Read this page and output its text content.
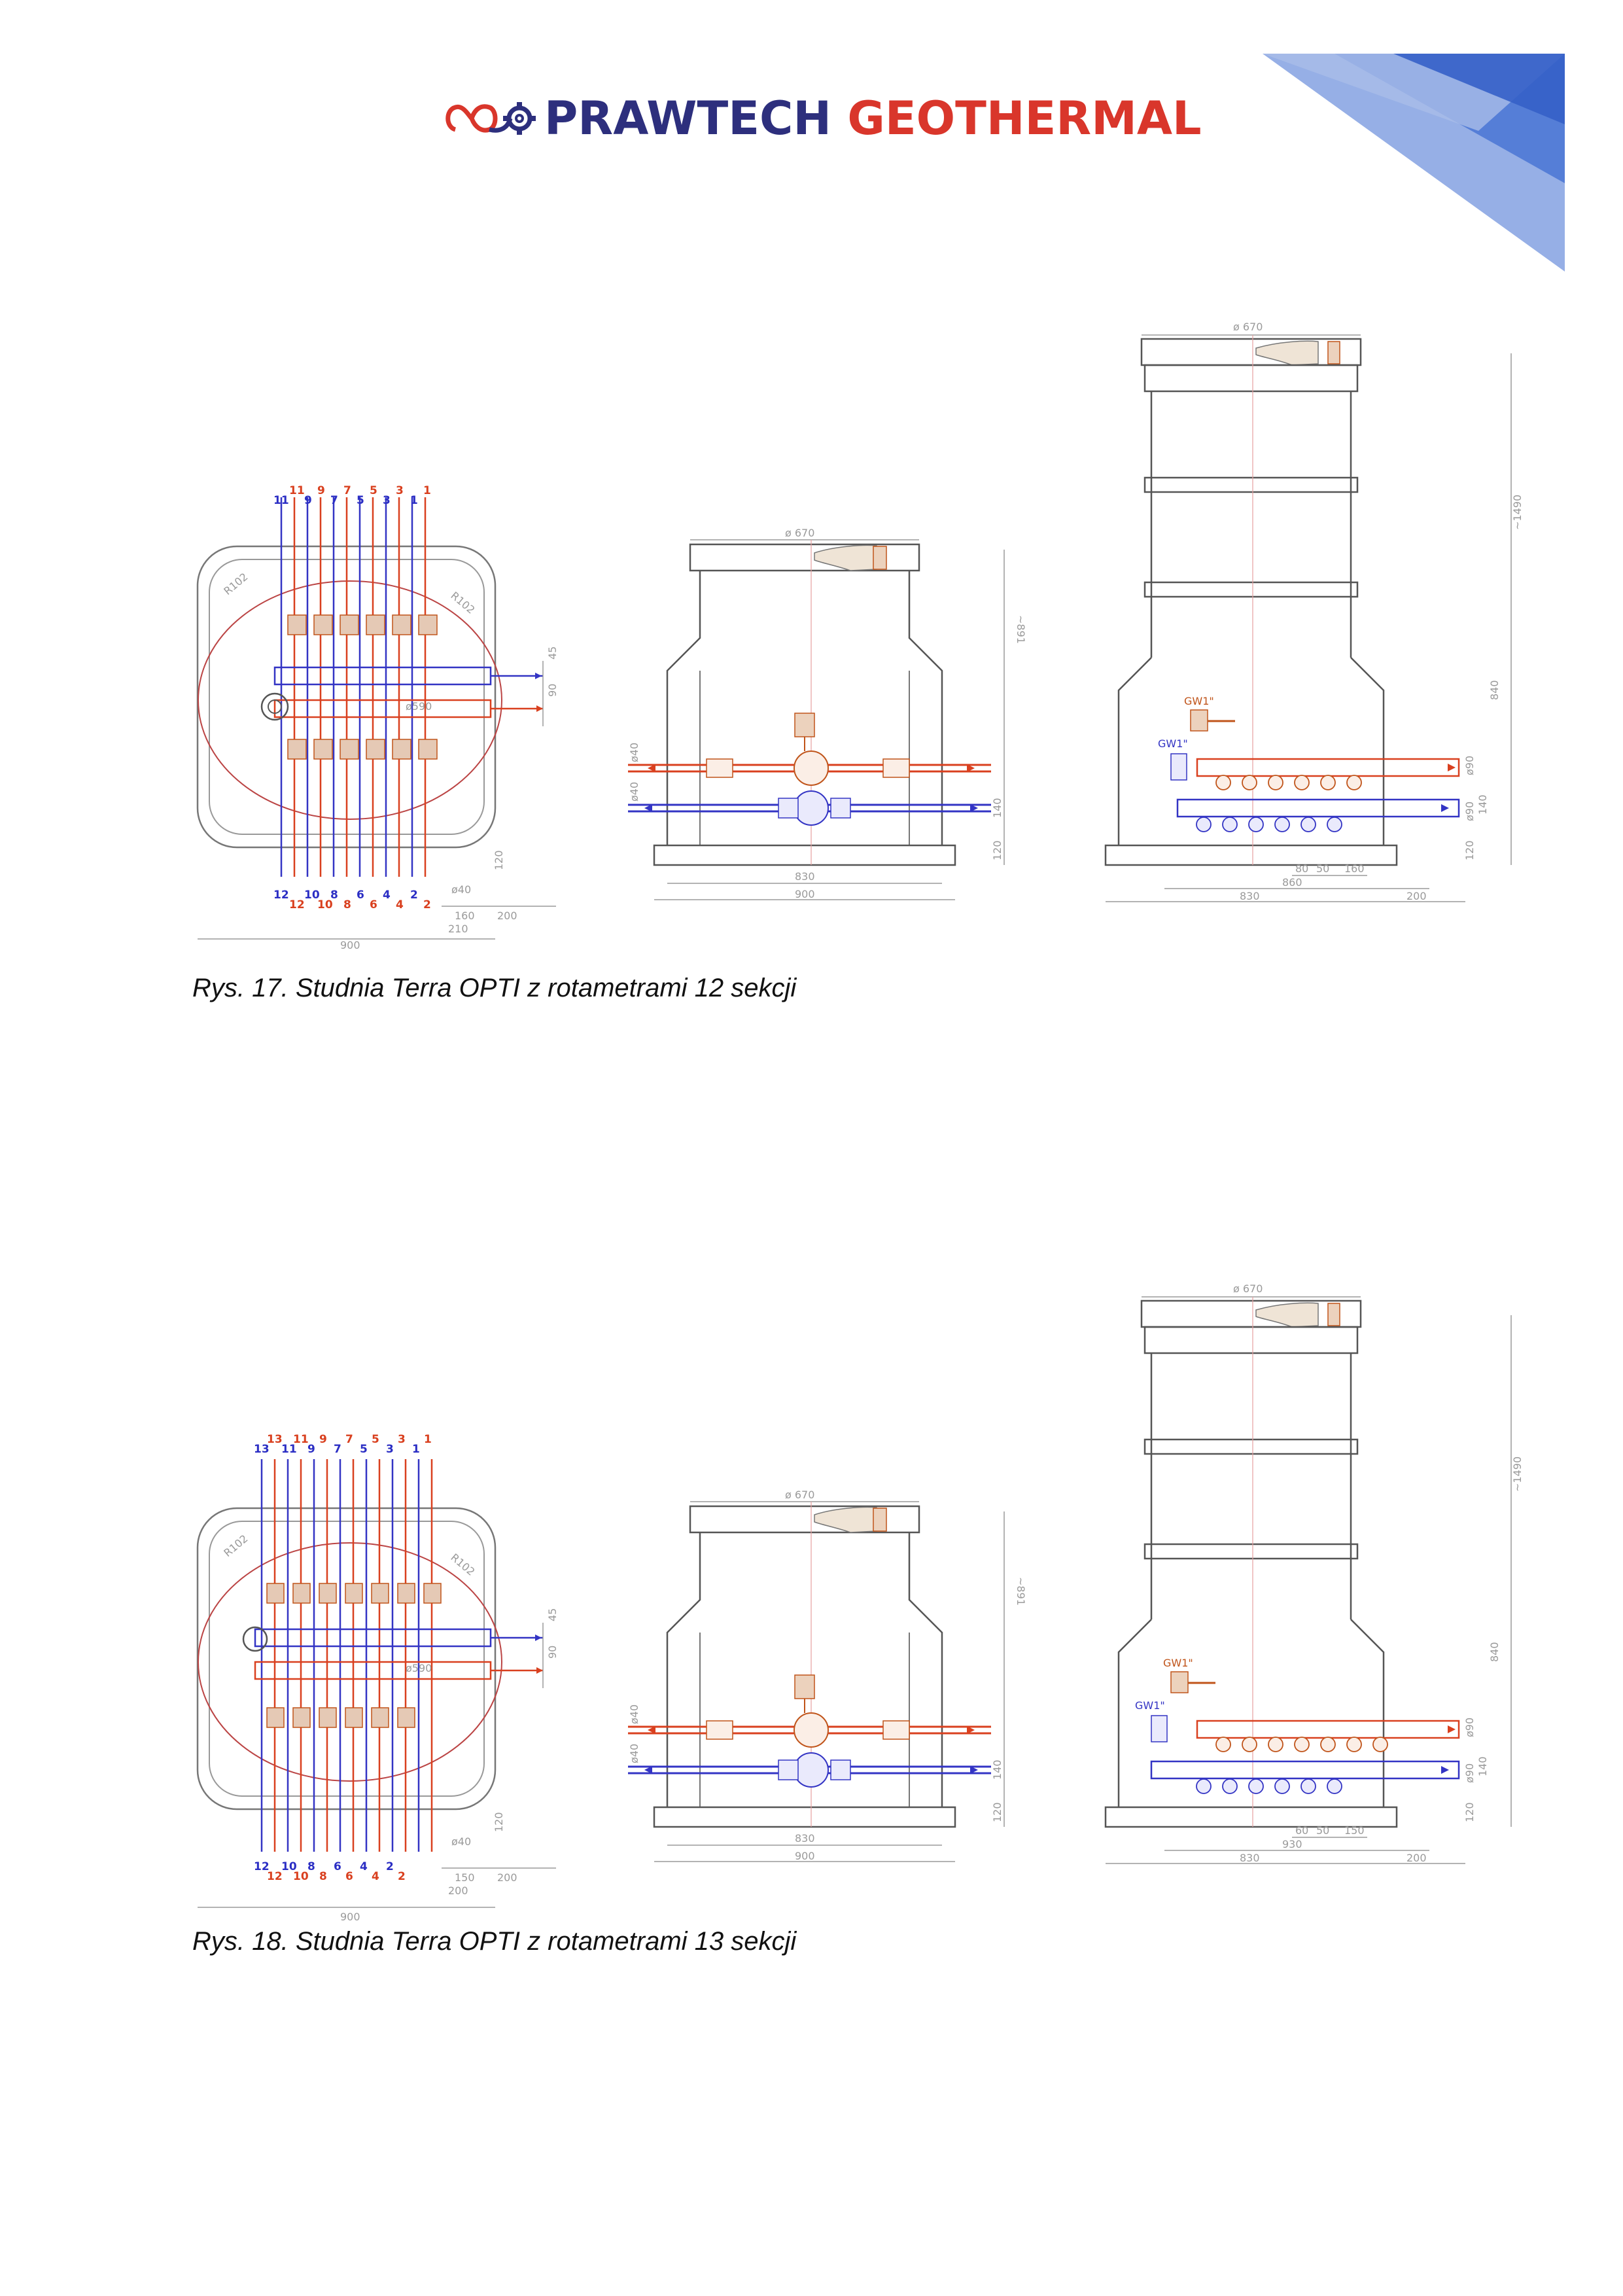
PRAWTECH GEOTHERMAL
R102
R102
45
90
ø590
120
11 9 7 5 3 1
11 9 7 5 3 1
12 10 8 6 4 2
12 10 8 6 4 2
ø40
160 200
210
900
ø 670
ø40
ø40
~891
140
120
830
900
ø 670
GW1"
GW1"
~1490
840
ø90
140
ø90
120
80 50 160
860
830	200
Rys. 17. Studnia Terra OPTI z rotametrami 12 sekcji
R102
R102
45
90
ø590
120
13 11 9 7 5 3 1
13 11 9 7 5 3 1
12 10 8 6 4 2
12 10 8 6 4 2
ø40
150 200
200
900
ø 670
ø40
ø40
~891
140
120
830
900
ø 670
GW1"
GW1"
~1490
840
ø90
140
ø90
120
60 50 150
930
830	200
Rys. 18. Studnia Terra OPTI z rotametrami 13 sekcji
